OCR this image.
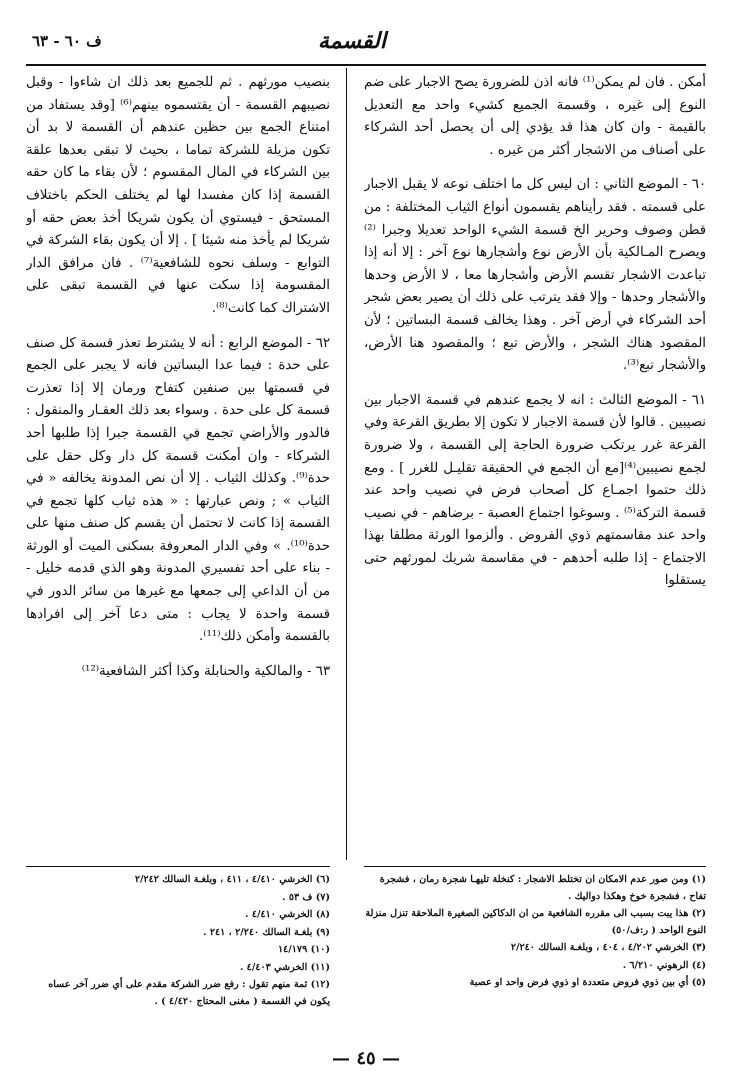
القسمة
ف ٦٠ - ٦٣

أمكن . فان لم يمكن⁽¹⁾ فانه اذن للضرورة يصح الاجبار على ضم النوع إلى غيره ، وقسمة الجميع كشيء واحد مع التعديل بالقيمة - وان كان هذا قد يؤدي إلى أن يحصل أحد الشركاء على أصناف من الاشجار أكثر من غيره .

٦٠ - الموضع الثاني : ان ليس كل ما اختلف نوعه لا يقبل الاجبار على قسمته . فقد رأيناهم يقسمون أنواع الثياب المختلفة : من قطن وصوف وحرير الخ قسمة الشيء الواحد تعديلا وجبرا ⁽²⁾ ويصرح المـالكية بأن الأرض نوع وأشجارها نوع آخر : إلا أنه إذا تباعدت الاشجار تقسم الأرض وأشجارها معا ، لا الأرض وحدها والأشجار وحدها - وإلا فقد يترتب على ذلك أن يصير بعض شجر أحد الشركاء في أرض آخر . وهذا يخالف قسمة البساتين ؛ لأن المقصود هناك الشجر ، والأرض تبع ؛ والمقصود هنا الأرض، والأشجار تبع⁽³⁾.

٦١ - الموضع الثالث : انه لا يجمع عندهم في قسمة الاجبار بين نصيبين . قالوا لأن قسمة الاجبار لا تكون إلا بطريق القرعة وفي القرعة غرر يرتكب ضرورة الحاجة إلى القسمة ، ولا ضرورة لجمع نصيبين⁽⁴⁾[مع أن الجمع في الحقيقة تقليـل للغرر ] . ومع ذلك حتموا اجمـاع كل أصحاب فرض في نصيب واحد عند قسمة التركة⁽⁵⁾ . وسوغوا اجتماع العصبة - برضاهم - في نصيب واحد عند مقاسمتهم ذوي الفروض . وألزموا الورثة مطلقا بهذا الاجتماع - إذا طلبه أحدهم - في مقاسمة شريك لمورثهم حتى يستقلوا

بنصيب مورثهم . ثم للجميع بعد ذلك ان شاءوا - وقبل نصيبهم القسمة - أن يقتسموه بينهم⁽⁶⁾ [وقد يستفاد من امتناع الجمع بين حظين عندهم أن القسمة لا بد أن تكون مزيلة للشركة تماما ، بحيث لا تبقى بعدها علقة بين الشركاء في المال المقسوم ؛ لأن بقاء ما كان حقه القسمة إذا كان مفسدا لها لم يختلف الحكم باختلاف المستحق - فيستوي أن يكون شريكا أخذ بعض حقه أو شريكا لم يأخذ منه شيئا ] . إلا أن يكون بقاء الشركة في التوابع - وسلف نحوه للشافعية⁽⁷⁾ . فان مرافق الدار المقسومة إذا سكت عنها في القسمة تبقى على الاشتراك كما كانت⁽⁸⁾.

٦٢ - الموضع الرابع : أنه لا يشترط تعذر قسمة كل صنف على حدة : فيما عدا البساتين فانه لا يجبر على الجمع في قسمتها بين صنفين كتفاح ورمان إلا إذا تعذرت قسمة كل على حدة . وسواء بعد ذلك العقـار والمنقول : فالدور والأراضي تجمع في القسمة جبرا إذا طلبها أحد الشركاء - وان أمكنت قسمة كل دار وكل حقل على حدة⁽⁹⁾. وكذلك الثياب . إلا أن نص المدونة يخالفه « في الثياب » ; ونص عبارتها : « هذه ثياب كلها تجمع في القسمة إذا كانت لا تحتمل أن يقسم كل صنف منها على حدة⁽¹⁰⁾. » وفي الدار المعروفة بسكنى الميت أو الورثة - بناء على أحد تفسيري المدونة وهو الذي قدمه خليل - من أن الداعي إلى جمعها مع غيرها من سائر الدور في قسمة واحدة لا يجاب : متى دعا آخر إلى افرادها بالقسمة وأمكن ذلك⁽¹¹⁾.

٦٣ - والمالكية والحنابلة وكذا أكثر الشافعية⁽¹²⁾

(١) ومن صور عدم الامكان ان تختلط الاشجار : كنخلة تليهـا شجرة رمان ، فشجرة تفاح ، فشجرة خوخ وهكذا دواليك .

(٢) هذا يبت بسبب الى مقرره الشافعية من ان الدكاكين الصغيرة الملاحقة تنزل منزلة النوع الواحد ( ر:ف/٥٠)

(٣) الخرشي ٤/٢٠٢ ، ٤٠٤ ، وبلغـة السالك ٢/٢٤٠

(٤) الرهوني ٦/٢١٠ .

(٥) أي بين ذوي فروض متعددة او ذوي فرض واحد او عصبة

(٦) الخرشي ٤/٤١٠ ، ٤١١ ، وبلغـة السالك ٢/٢٤٢

(٧) ف ٥٣ .

(٨) الخرشي ٤/٤١٠ .

(٩) بلغـة السالك ٢/٢٤٠ ، ٢٤١ .

(١٠) ١٤/١٧٩

(١١) الخرشي ٤/٤٠٣ .

(١٢) ثمة منهم تقول : رفع ضرر الشركة مقدم على أي ضرر آخر عساه يكون في القسمة ( مغنى المحتاج ٤/٤٢٠ ) .

— ٤٥ —
